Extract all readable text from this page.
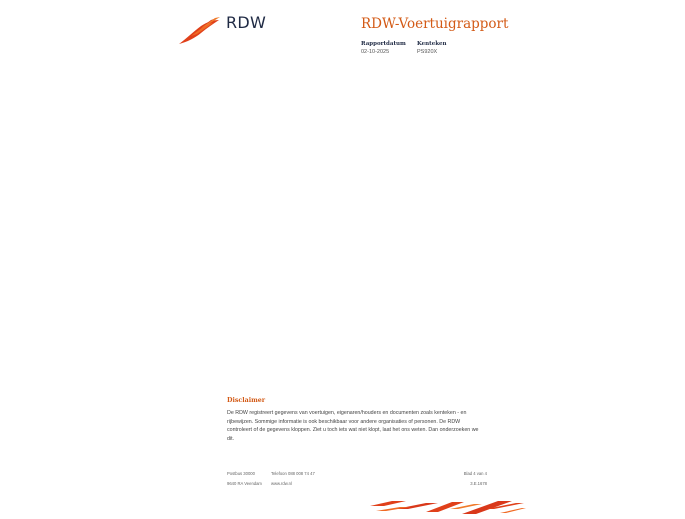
RDW	RDW-Voertuigrapport
Rapportdatum
02-10-2025
Kenteken
PS920X
Disclaimer
De RDW registreert gegevens van voertuigen, eigenaren/houders en documenten zoals kenteken - en rijbewijzen. Sommige informatie is ook beschikbaar voor andere organisaties of personen. De RDW controleert of de gegevens kloppen. Ziet u toch iets wat niet klopt, laat het ons weten. Dan onderzoeken we dit.
Postbus 30000
9640 RA Veendam
Telefoon 088 008 74 47
www.rdw.nl
Blad 4 van 4
3.E.1678
